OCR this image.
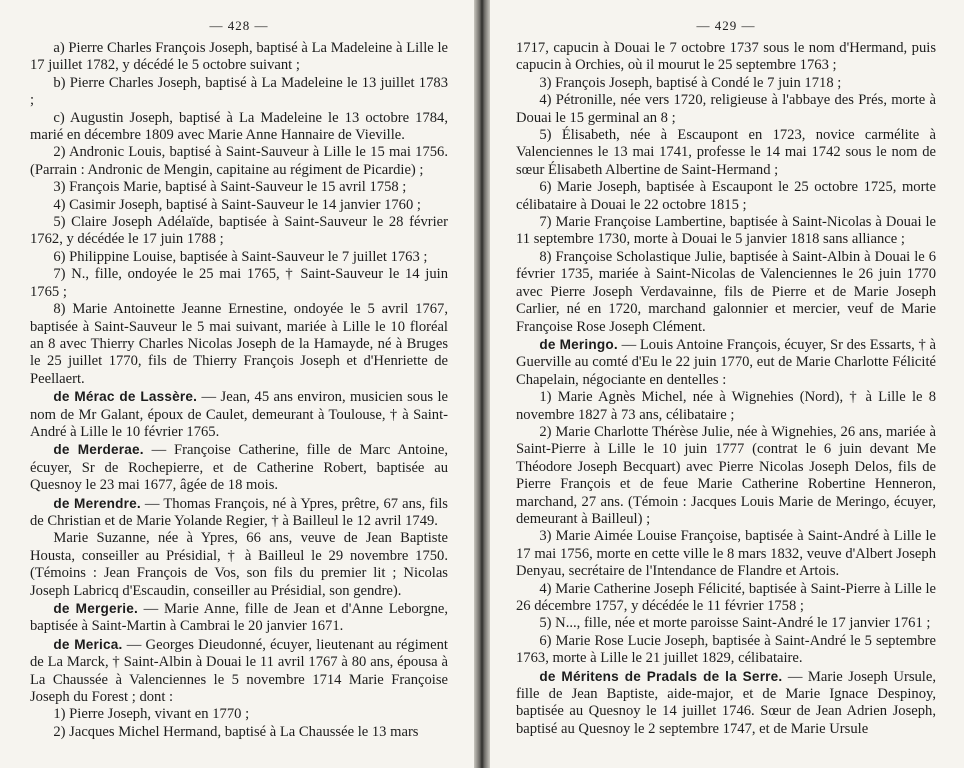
— 428 —

a) Pierre Charles François Joseph, baptisé à La Madeleine à Lille le 17 juillet 1782, y décédé le 5 octobre suivant ;

b) Pierre Charles Joseph, baptisé à La Madeleine le 13 juillet 1783 ;

c) Augustin Joseph, baptisé à La Madeleine le 13 octobre 1784, marié en décembre 1809 avec Marie Anne Hannaire de Vieville.

2) Andronic Louis, baptisé à Saint-Sauveur à Lille le 15 mai 1756. (Parrain : Andronic de Mengin, capitaine au régiment de Picardie) ;

3) François Marie, baptisé à Saint-Sauveur le 15 avril 1758 ;

4) Casimir Joseph, baptisé à Saint-Sauveur le 14 janvier 1760 ;

5) Claire Joseph Adélaïde, baptisée à Saint-Sauveur le 28 février 1762, y décédée le 17 juin 1788 ;

6) Philippine Louise, baptisée à Saint-Sauveur le 7 juillet 1763 ;

7) N., fille, ondoyée le 25 mai 1765, † Saint-Sauveur le 14 juin 1765 ;

8) Marie Antoinette Jeanne Ernestine, ondoyée le 5 avril 1767, baptisée à Saint-Sauveur le 5 mai suivant, mariée à Lille le 10 floréal an 8 avec Thierry Charles Nicolas Joseph de la Hamayde, né à Bruges le 25 juillet 1770, fils de Thierry François Joseph et d'Henriette de Peellaert.

de Mérac de Lassère. — Jean, 45 ans environ, musicien sous le nom de Mr Galant, époux de Caulet, demeurant à Toulouse, † à Saint-André à Lille le 10 février 1765.

de Merderae. — Françoise Catherine, fille de Marc Antoine, écuyer, Sr de Rochepierre, et de Catherine Robert, baptisée au Quesnoy le 23 mai 1677, âgée de 18 mois.

de Merendre. — Thomas François, né à Ypres, prêtre, 67 ans, fils de Christian et de Marie Yolande Regier, † à Bailleul le 12 avril 1749.

Marie Suzanne, née à Ypres, 66 ans, veuve de Jean Baptiste Housta, conseiller au Présidial, † à Bailleul le 29 novembre 1750. (Témoins : Jean François de Vos, son fils du premier lit ; Nicolas Joseph Labricq d'Escaudin, conseiller au Présidial, son gendre).

de Mergerie. — Marie Anne, fille de Jean et d'Anne Leborgne, baptisée à Saint-Martin à Cambrai le 20 janvier 1671.

de Merica. — Georges Dieudonné, écuyer, lieutenant au régiment de La Marck, † Saint-Albin à Douai le 11 avril 1767 à 80 ans, épousa à La Chaussée à Valenciennes le 5 novembre 1714 Marie Françoise Joseph du Forest ; dont :

1) Pierre Joseph, vivant en 1770 ;

2) Jacques Michel Hermand, baptisé à La Chaussée le 13 mars

— 429 —

1717, capucin à Douai le 7 octobre 1737 sous le nom d'Hermand, puis capucin à Orchies, où il mourut le 25 septembre 1763 ;

3) François Joseph, baptisé à Condé le 7 juin 1718 ;

4) Pétronille, née vers 1720, religieuse à l'abbaye des Prés, morte à Douai le 15 germinal an 8 ;

5) Élisabeth, née à Escaupont en 1723, novice carmélite à Valenciennes le 13 mai 1741, professe le 14 mai 1742 sous le nom de sœur Élisabeth Albertine de Saint-Hermand ;

6) Marie Joseph, baptisée à Escaupont le 25 octobre 1725, morte célibataire à Douai le 22 octobre 1815 ;

7) Marie Françoise Lambertine, baptisée à Saint-Nicolas à Douai le 11 septembre 1730, morte à Douai le 5 janvier 1818 sans alliance ;

8) Françoise Scholastique Julie, baptisée à Saint-Albin à Douai le 6 février 1735, mariée à Saint-Nicolas de Valenciennes le 26 juin 1770 avec Pierre Joseph Verdavainne, fils de Pierre et de Marie Joseph Carlier, né en 1720, marchand galonnier et mercier, veuf de Marie Françoise Rose Joseph Clément.

de Meringo. — Louis Antoine François, écuyer, Sr des Essarts, † à Guerville au comté d'Eu le 22 juin 1770, eut de Marie Charlotte Félicité Chapelain, négociante en dentelles :

1) Marie Agnès Michel, née à Wignehies (Nord), † à Lille le 8 novembre 1827 à 73 ans, célibataire ;

2) Marie Charlotte Thérèse Julie, née à Wignehies, 26 ans, mariée à Saint-Pierre à Lille le 10 juin 1777 (contrat le 6 juin devant Me Théodore Joseph Becquart) avec Pierre Nicolas Joseph Delos, fils de Pierre François et de feue Marie Catherine Robertine Henneron, marchand, 27 ans. (Témoin : Jacques Louis Marie de Meringo, écuyer, demeurant à Bailleul) ;

3) Marie Aimée Louise Françoise, baptisée à Saint-André à Lille le 17 mai 1756, morte en cette ville le 8 mars 1832, veuve d'Albert Joseph Denyau, secrétaire de l'Intendance de Flandre et Artois.

4) Marie Catherine Joseph Félicité, baptisée à Saint-Pierre à Lille le 26 décembre 1757, y décédée le 11 février 1758 ;

5) N..., fille, née et morte paroisse Saint-André le 17 janvier 1761 ;

6) Marie Rose Lucie Joseph, baptisée à Saint-André le 5 septembre 1763, morte à Lille le 21 juillet 1829, célibataire.

de Méritens de Pradals de la Serre. — Marie Joseph Ursule, fille de Jean Baptiste, aide-major, et de Marie Ignace Despinoy, baptisée au Quesnoy le 14 juillet 1746. Sœur de Jean Adrien Joseph, baptisé au Quesnoy le 2 septembre 1747, et de Marie Ursule
